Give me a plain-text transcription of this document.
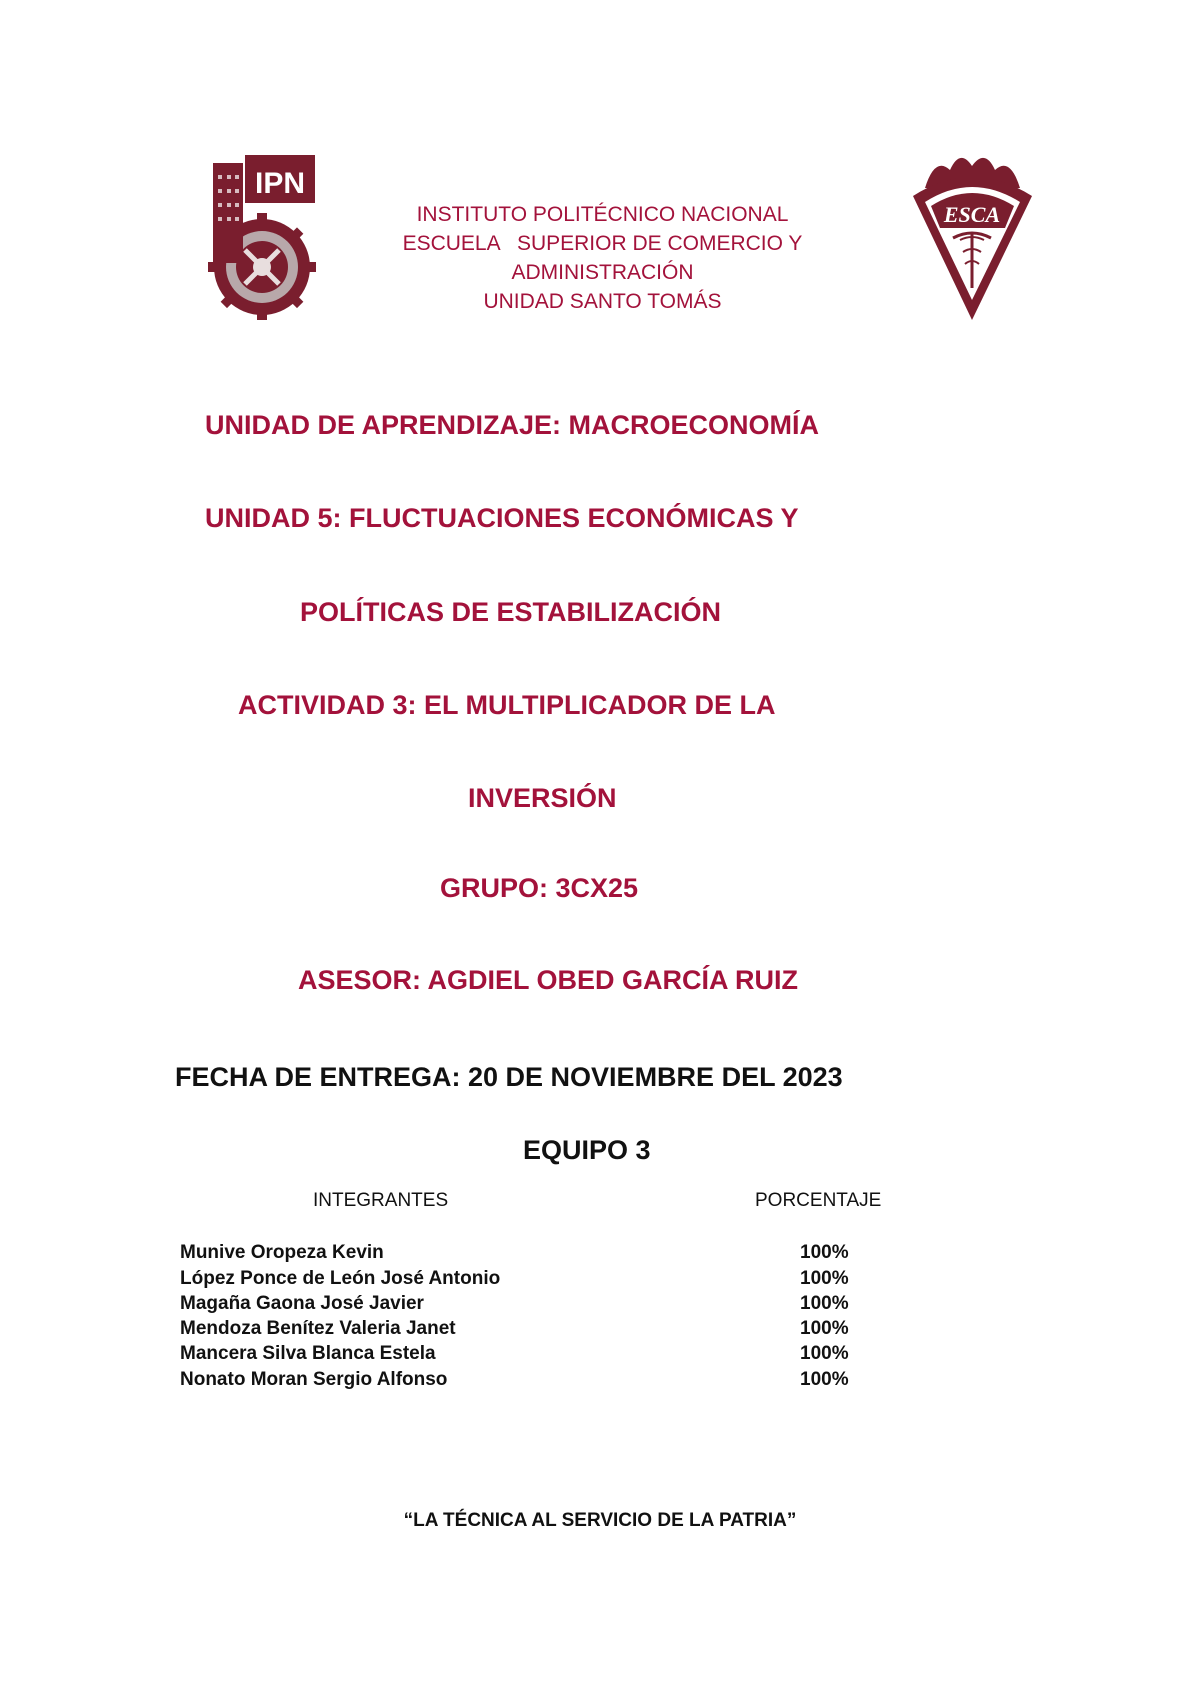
IPN
INSTITUTO POLITÉCNICO NACIONAL
ESCUELA   SUPERIOR DE COMERCIO Y
ADMINISTRACIÓN
UNIDAD SANTO TOMÁS
ESCA
UNIDAD DE APRENDIZAJE: MACROECONOMÍA
UNIDAD 5: FLUCTUACIONES ECONÓMICAS Y
POLÍTICAS DE ESTABILIZACIÓN
ACTIVIDAD 3: EL MULTIPLICADOR DE LA
INVERSIÓN
GRUPO: 3CX25
ASESOR: AGDIEL OBED GARCÍA RUIZ
FECHA DE ENTREGA: 20 DE NOVIEMBRE DEL 2023
EQUIPO 3
INTEGRANTES	PORCENTAJE
Munive Oropeza Kevin	100%
López Ponce de León José Antonio	100%
Magaña Gaona José Javier	100%
Mendoza Benítez Valeria Janet	100%
Mancera Silva Blanca Estela	100%
Nonato Moran Sergio Alfonso	100%
“LA TÉCNICA AL SERVICIO DE LA PATRIA”
